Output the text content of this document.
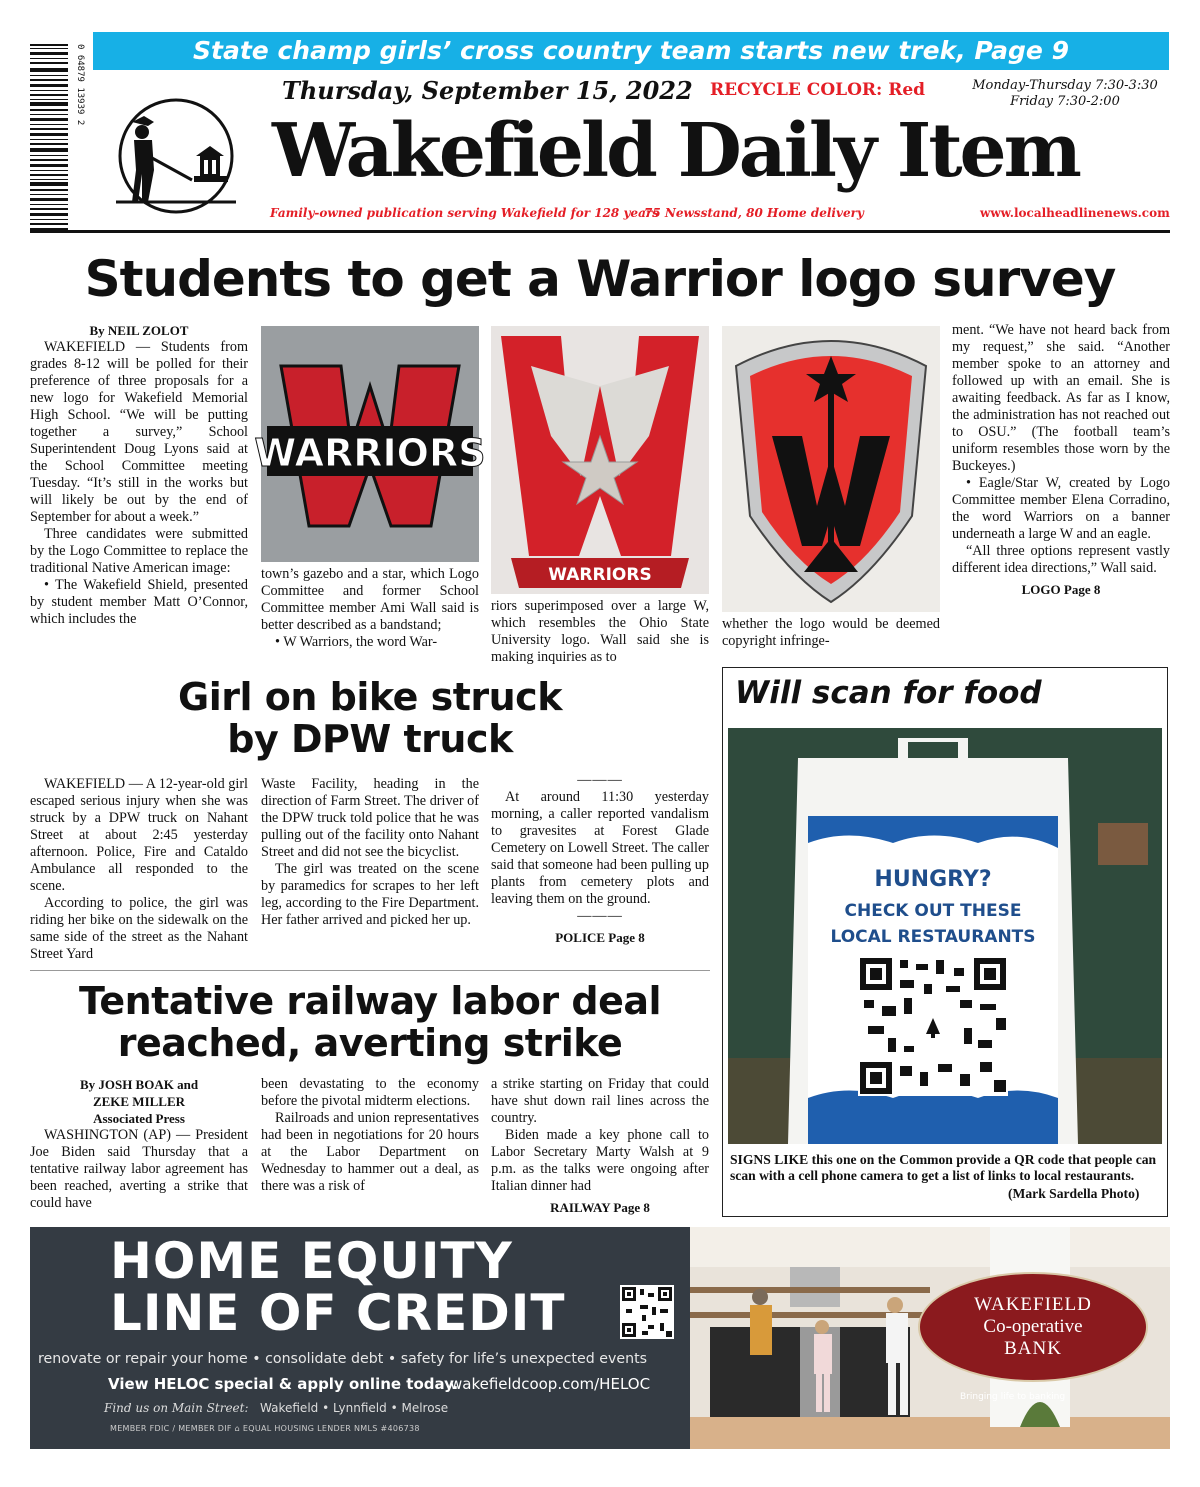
0 64879 13939 2	State champ girls’ cross country team starts new trek, Page 9
Thursday, September 15, 2022 RECYCLE COLOR: Red	Monday-Thursday 7:30-3:30
Friday 7:30-2:00
Wakefield Daily Item
Family-owned publication serving Wakefield for 128 years
75 Newsstand, 80 Home delivery	www.localheadlinenews.com
Students to get a Warrior logo survey
By NEIL ZOLOT

WAKEFIELD — Students from grades 8-12 will be polled for their preference of three proposals for a new logo for Wakefield Memorial High School. “We will be putting together a survey,” School Superintendent Doug Lyons said at the School Committee meeting Tuesday. “It’s still in the works but will likely be out by the end of September for about a week.”

Three candidates were submitted by the Logo Committee to replace the traditional Native American image:

• The Wakefield Shield, presented by student member Matt O’Connor, which includes the

WARRIORS

town’s gazebo and a star, which Logo Committee and former School Committee member Ami Wall said is better described as a bandstand;

• W Warriors, the word War-

WARRIORS

riors superimposed over a large W, which resembles the Ohio State University logo. Wall said she is making inquiries as to

whether the logo would be deemed copyright infringe-

ment. “We have not heard back from my request,” she said. “Another member spoke to an attorney and followed up with an email. She is awaiting feedback. As far as I know, the administration has not reached out to OSU.” (The football team’s uniform resembles those worn by the Buckeyes.)

• Eagle/Star W, created by Logo Committee member Elena Corradino, the word Warriors on a banner underneath a large W and an eagle.

“All three options represent vastly different idea directions,” Wall said.

LOGO Page 8
Girl on bike struck
by DPW truck

WAKEFIELD — A 12-year-old girl escaped serious injury when she was struck by a DPW truck on Nahant Street at about 2:45 yesterday afternoon. Police, Fire and Cataldo Ambulance all responded to the scene.

According to police, the girl was riding her bike on the sidewalk on the same side of the street as the Nahant Street Yard

Waste Facility, heading in the direction of Farm Street. The driver of the DPW truck told police that he was pulling out of the facility onto Nahant Street and did not see the bicyclist.

The girl was treated on the scene by paramedics for scrapes to her left leg, according to the Fire Department. Her father arrived and picked her up.

———

At around 11:30 yesterday morning, a caller reported vandalism to gravesites at Forest Glade Cemetery on Lowell Street. The caller said that someone had been pulling up plants from cemetery plots and leaving them on the ground.

———
POLICE Page 8
Tentative railway labor deal
reached, averting strike
By JOSH BOAK and
ZEKE MILLER
Associated Press

WASHINGTON (AP) — President Joe Biden said Thursday that a tentative railway labor agreement has been reached, averting a strike that could have

been devastating to the economy before the pivotal midterm elections.

Railroads and union representatives had been in negotiations for 20 hours at the Labor Department on Wednesday to hammer out a deal, as there was a risk of

a strike starting on Friday that could have shut down rail lines across the country.

Biden made a key phone call to Labor Secretary Marty Walsh at 9 p.m. as the talks were ongoing after Italian dinner had

RAILWAY Page 8
Will scan for food
HUNGRY?
CHECK OUT THESE
LOCAL RESTAURANTS
SIGNS LIKE this one on the Common provide a QR code that people can scan with a cell phone camera to get a list of links to local restaurants.
(Mark Sardella Photo)
HOME EQUITY
LINE OF CREDIT
renovate or repair your home • consolidate debt • safety for life’s unexpected events
View HELOC special & apply online today.
wakefieldcoop.com/HELOC
Find us on Main Street: Wakefield • Lynnfield • Melrose
MEMBER FDIC / MEMBER DIF ⌂ EQUAL HOUSING LENDER NMLS #406738
WAKEFIELD
Co-operative
BANK
Bringing life to banking
